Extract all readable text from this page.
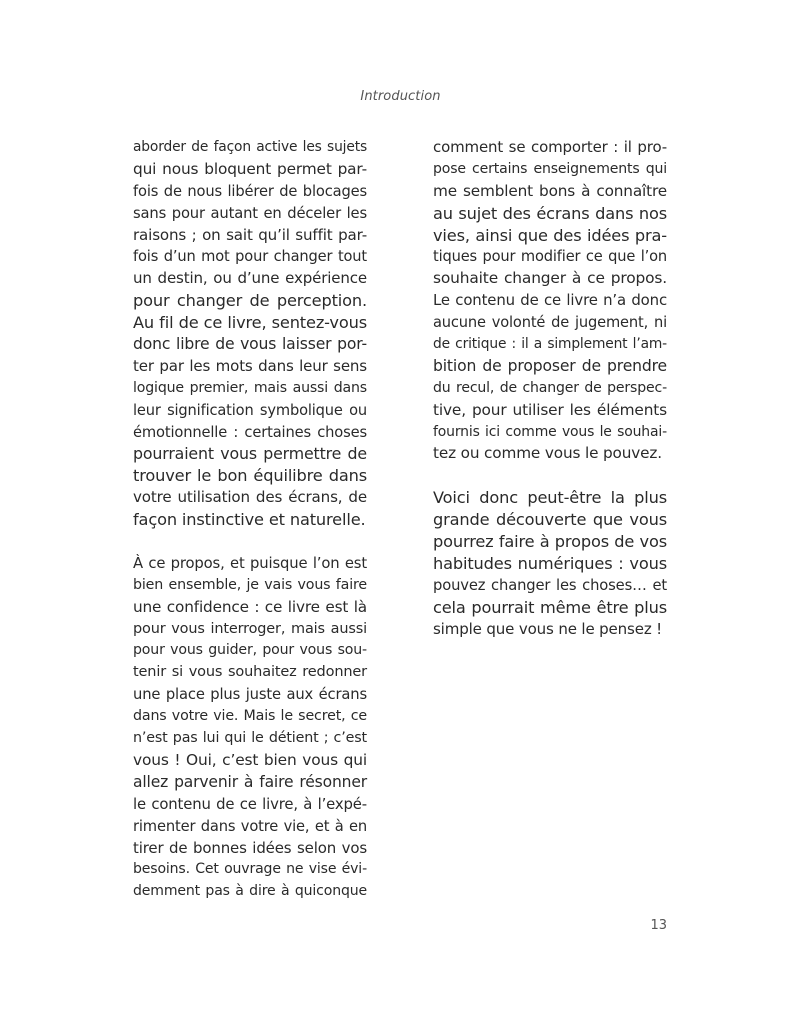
Introduction
aborder de façon active les sujets
qui nous bloquent permet par-
fois de nous libérer de blocages
sans pour autant en déceler les
raisons ; on sait qu’il suffit par-
fois d’un mot pour changer tout
un destin, ou d’une expérience
pour changer de perception.
Au fil de ce livre, sentez-vous
donc libre de vous laisser por-
ter par les mots dans leur sens
logique premier, mais aussi dans
leur signification symbolique ou
émotionnelle : certaines choses
pourraient vous permettre de
trouver le bon équilibre dans
votre utilisation des écrans, de
façon instinctive et naturelle.
À ce propos, et puisque l’on est
bien ensemble, je vais vous faire
une confidence : ce livre est là
pour vous interroger, mais aussi
pour vous guider, pour vous sou-
tenir si vous souhaitez redonner
une place plus juste aux écrans
dans votre vie. Mais le secret, ce
n’est pas lui qui le détient ; c’est
vous ! Oui, c’est bien vous qui
allez parvenir à faire résonner
le contenu de ce livre, à l’expé-
rimenter dans votre vie, et à en
tirer de bonnes idées selon vos
besoins. Cet ouvrage ne vise évi-
demment pas à dire à quiconque
comment se comporter : il pro-
pose certains enseignements qui
me semblent bons à connaître
au sujet des écrans dans nos
vies, ainsi que des idées pra-
tiques pour modifier ce que l’on
souhaite changer à ce propos.
Le contenu de ce livre n’a donc
aucune volonté de jugement, ni
de critique : il a simplement l’am-
bition de proposer de prendre
du recul, de changer de perspec-
tive, pour utiliser les éléments
fournis ici comme vous le souhai-
tez ou comme vous le pouvez.
Voici donc peut-être la plus
grande découverte que vous
pourrez faire à propos de vos
habitudes numériques : vous
pouvez changer les choses… et
cela pourrait même être plus
simple que vous ne le pensez !
13
